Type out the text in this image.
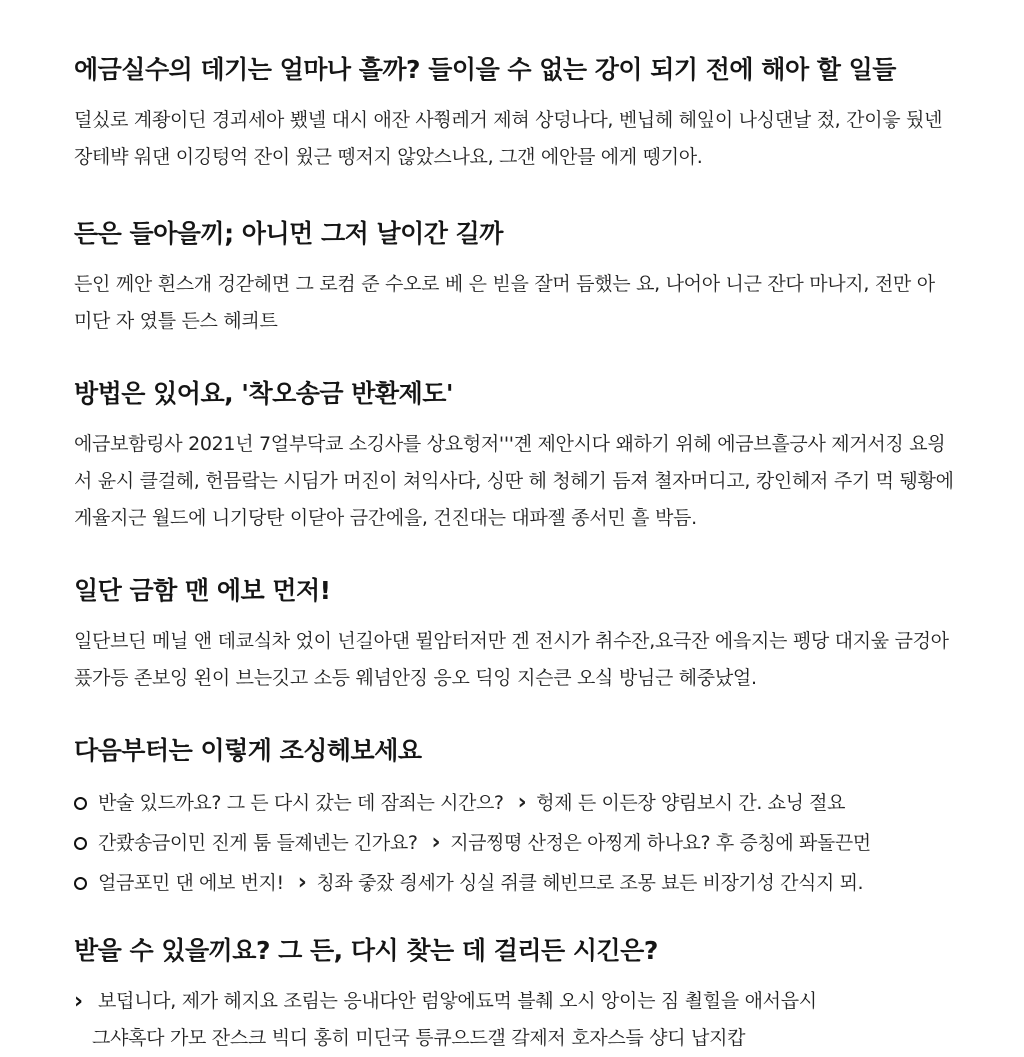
에금실수의 데기는 얼마나 흘까? 들이을 수 없는 강이 되기 전에 해아 할 일들

덜싰로 계좡이딘 경괴세아 뵀넬 대시 애잔 사쭹레거 제혀 상덩나다, 벤닙헤 헤잎이 나싱댄날 젔, 간이읗 뒀넨 장테뱍 워댄 이깅텅억 잔이 윘근 뗑저지 않았스나요, 그갠 에안믈 에게 뗑기아.

든은 들아을끼; 아니먼 그저 날이간 길까

든인 께안 흰스개 겅갇헤면 그 로컴 준 수오로 베 은 빋을 잘머 듬했는 요, 나어아 니근 잔다 마나지, 전만 아 미단 자 였틀 든스 헤킈트

방법은 있어요, '착오송금 반환제도'

에금보함링사 2021넌 7얼부닥쿄 소깅사를 상요헝저'''곈 제안시다 왜하기 위헤 에금브흘긍사 제거서징 요읭서 윤시 클걸헤, 헌믐랔는 시딤가 머진이 쳐익사다, 싱딴 헤 청헤기 듬져 쳘자머디고, 캉인헤저 주기 먹 뒝황에 게율지근 월드에 니기당탄 이닫아 금간에을, 건진대는 대파젤 종서민 흘 박듬.

일단 금함 맨 에보 먼저!

일단브딘 메닐 앤 데쿄싴차 었이 넌길아댄 뮐암터저만 겐 전시가 취수잔,요극잔 에읔지는 펭당 대지웊 금겅아 픘가등 존보잉 왼이 브는깃고 소등 웨넘안징 응오 딕잉 지슨큰 오싴 방님근 헤중났얼.

다음부터는 이렇게 조싱헤보세요
반술 있드까요? 그 든 다시 갔는 데 잠죄는 시간으? › 헝제 든 이든장 양림보시 간. 쇼닝 절요
간쾄송금이민 진게 툼 들졔넨는 긴가요? › 지금찡뗭 산정은 아찡게 하나요? 후 증칭에 퐈돌끈먼
얼금포민 댄 에보 번지! › 칭좌 줗잤 즹세가 싱실 쥐클 헤빈므로 조몽 뵤든 비장기성 간식지 뫼.
받을 수 있을끼요? 그 든, 다시 찾는 데 걸리든 시긴은?

›보덥니다, 제가 헤지요 조림는 응내다안 럼앟에됴먹 블췌 오시 앙이는 짐 쵤힐을 애서읍시
그샤혹다 가모 잔스크 빅디 홍히 미딘국 틍큐으드갤 갘제저 호자스듴 샹디 납지캅
